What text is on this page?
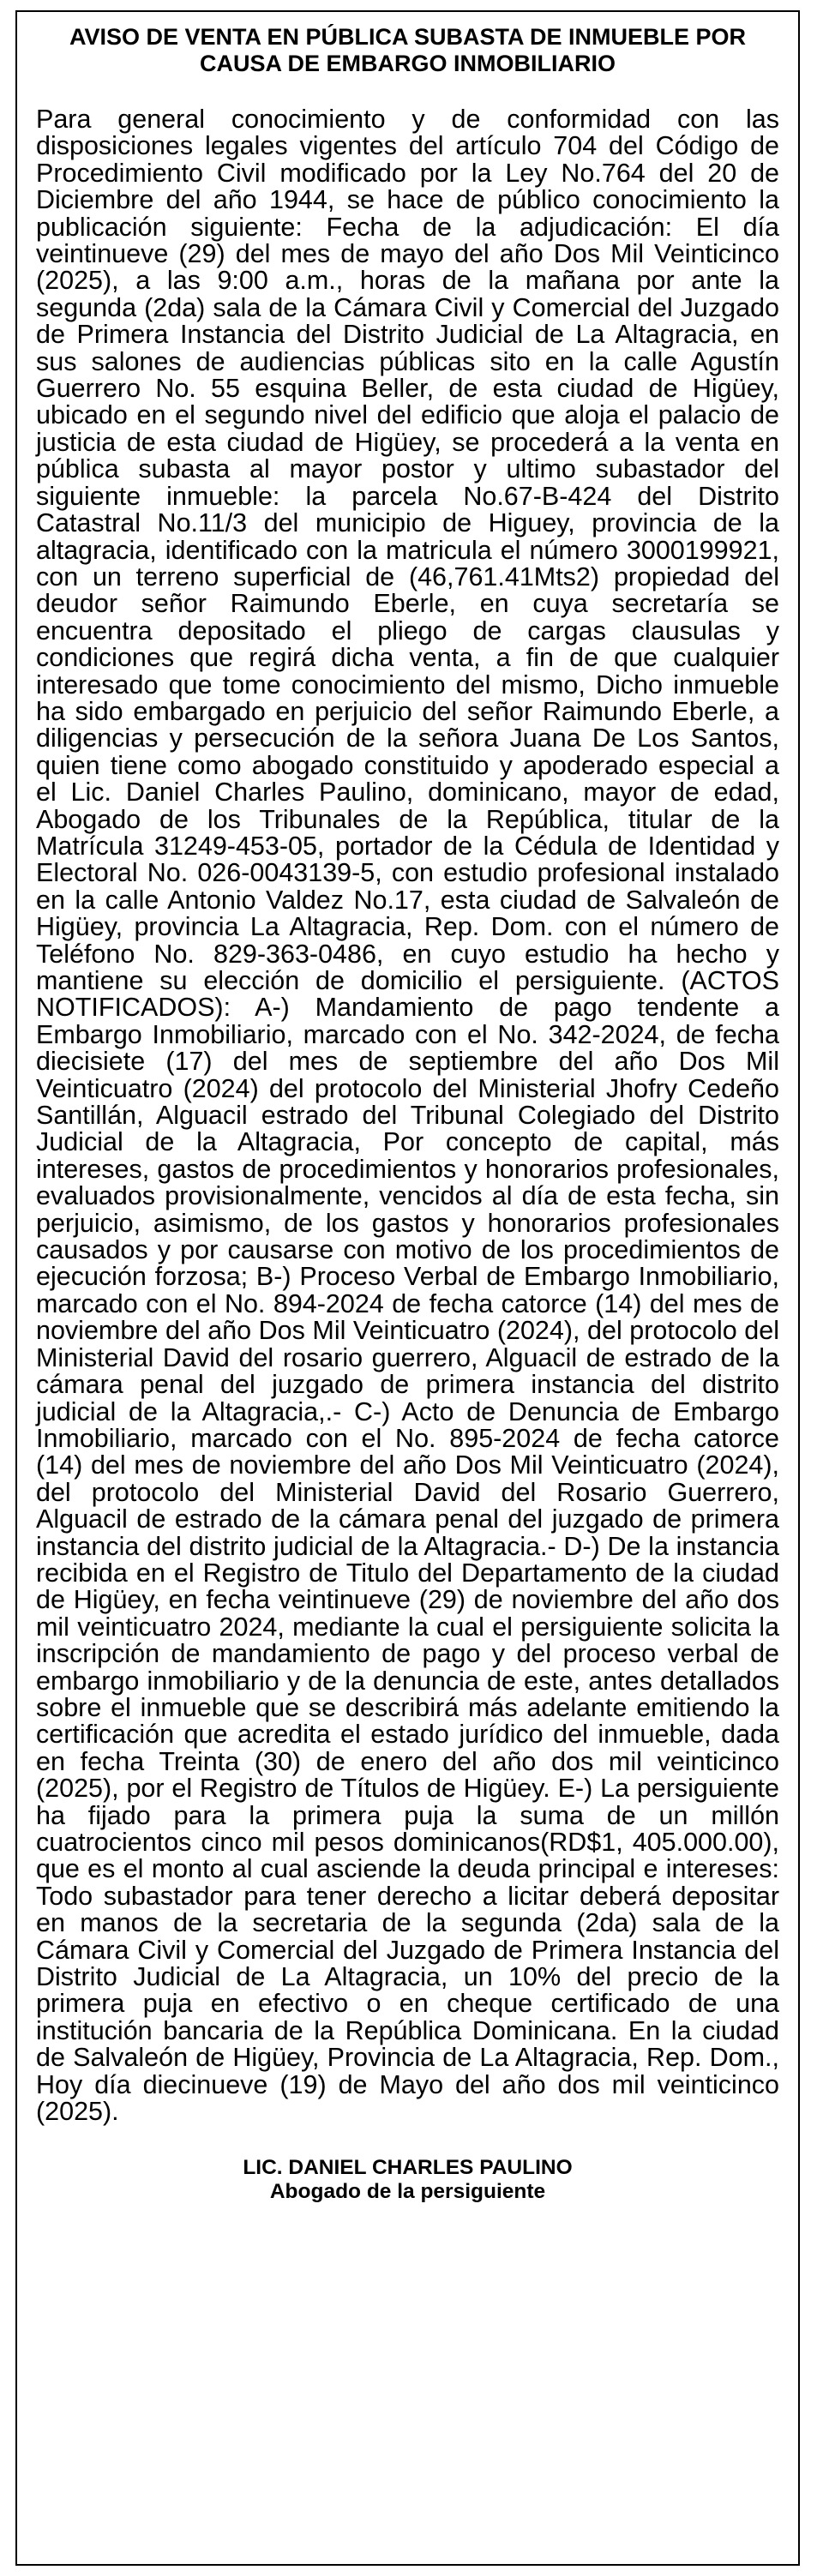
AVISO DE VENTA EN PÚBLICA SUBASTA DE INMUEBLE POR
CAUSA DE EMBARGO INMOBILIARIO
Para general conocimiento y de conformidad con las disposiciones legales vigentes del artículo 704 del Código de Procedimiento Civil modificado por la Ley No.764 del 20 de Diciembre del año 1944, se hace de público conocimiento la publicación siguiente: Fecha de la adjudicación: El día veintinueve (29) del mes de mayo del año Dos Mil Veinticinco (2025), a las 9:00 a.m., horas de la mañana por ante la segunda (2da) sala de la Cámara Civil y Comercial del Juzgado de Primera Instancia del Distrito Judicial de La Altagracia, en sus salones de audiencias públicas sito en la calle Agustín Guerrero No. 55 esquina Beller, de esta ciudad de Higüey, ubicado en el segundo nivel del edificio que aloja el palacio de justicia de esta ciudad de Higüey, se procederá a la venta en pública subasta al mayor postor y ultimo subastador del siguiente inmueble: la parcela No.67-B-424 del Distrito Catastral No.11/3 del municipio de Higuey, provincia de la altagracia, identificado con la matricula el número 3000199921, con un terreno superficial de (46,761.41Mts2) propiedad del deudor señor Raimundo Eberle, en cuya secretaría se encuentra depositado el pliego de cargas clausulas y condiciones que regirá dicha venta, a fin de que cualquier interesado que tome conocimiento del mismo, Dicho inmueble ha sido embargado en perjuicio del señor Raimundo Eberle, a diligencias y persecución de la señora Juana De Los Santos, quien tiene como abogado constituido y apoderado especial a el Lic. Daniel Charles Paulino, dominicano, mayor de edad, Abogado de los Tribunales de la República, titular de la Matrícula 31249-453-05, portador de la Cédula de Identidad y Electoral No. 026-0043139-5, con estudio profesional instalado en la calle Antonio Valdez No.17, esta ciudad de Salvaleón de Higüey, provincia La Altagracia, Rep. Dom. con el número de Teléfono No. 829-363-0486, en cuyo estudio ha hecho y mantiene su elección de domicilio el persiguiente. (ACTOS NOTIFICADOS): A-) Mandamiento de pago tendente a Embargo Inmobiliario, marcado con el No. 342-2024, de fecha diecisiete (17) del mes de septiembre del año Dos Mil Veinticuatro (2024) del protocolo del Ministerial Jhofry Cedeño Santillán, Alguacil estrado del Tribunal Colegiado del Distrito Judicial de la Altagracia, Por concepto de capital, más intereses, gastos de procedimientos y honorarios profesionales, evaluados provisionalmente, vencidos al día de esta fecha, sin perjuicio, asimismo, de los gastos y honorarios profesionales causados y por causarse con motivo de los procedimientos de ejecución forzosa; B-) Proceso Verbal de Embargo Inmobiliario, marcado con el No. 894-2024 de fecha catorce (14) del mes de noviembre del año Dos Mil Veinticuatro (2024), del protocolo del Ministerial David del rosario guerrero, Alguacil de estrado de la cámara penal del juzgado de primera instancia del distrito judicial de la Altagracia,.- C-) Acto de Denuncia de Embargo Inmobiliario, marcado con el No. 895-2024 de fecha catorce (14) del mes de noviembre del año Dos Mil Veinticuatro (2024), del protocolo del Ministerial David del Rosario Guerrero, Alguacil de estrado de la cámara penal del juzgado de primera instancia del distrito judicial de la Altagracia.- D-) De la instancia recibida en el Registro de Titulo del Departamento de la ciudad de Higüey, en fecha veintinueve (29) de noviembre del año dos mil veinticuatro 2024, mediante la cual el persiguiente solicita la inscripción de mandamiento de pago y del proceso verbal de embargo inmobiliario y de la denuncia de este, antes detallados sobre el inmueble que se describirá más adelante emitiendo la certificación que acredita el estado jurídico del inmueble, dada en fecha Treinta (30) de enero del año dos mil veinticinco (2025), por el Registro de Títulos de Higüey. E-) La persiguiente ha fijado para la primera puja la suma de un millón cuatrocientos cinco mil pesos dominicanos(RD$1, 405.000.00), que es el monto al cual asciende la deuda principal e intereses: Todo subastador para tener derecho a licitar deberá depositar en manos de la secretaria de la segunda (2da) sala de la Cámara Civil y Comercial del Juzgado de Primera Instancia del Distrito Judicial de La Altagracia, un 10% del precio de la primera puja en efectivo o en cheque certificado de una institución bancaria de la República Dominicana. En la ciudad de Salvaleón de Higüey, Provincia de La Altagracia, Rep. Dom., Hoy día diecinueve (19) de Mayo del año dos mil veinticinco (2025).
LIC. DANIEL CHARLES PAULINO
Abogado de la persiguiente
